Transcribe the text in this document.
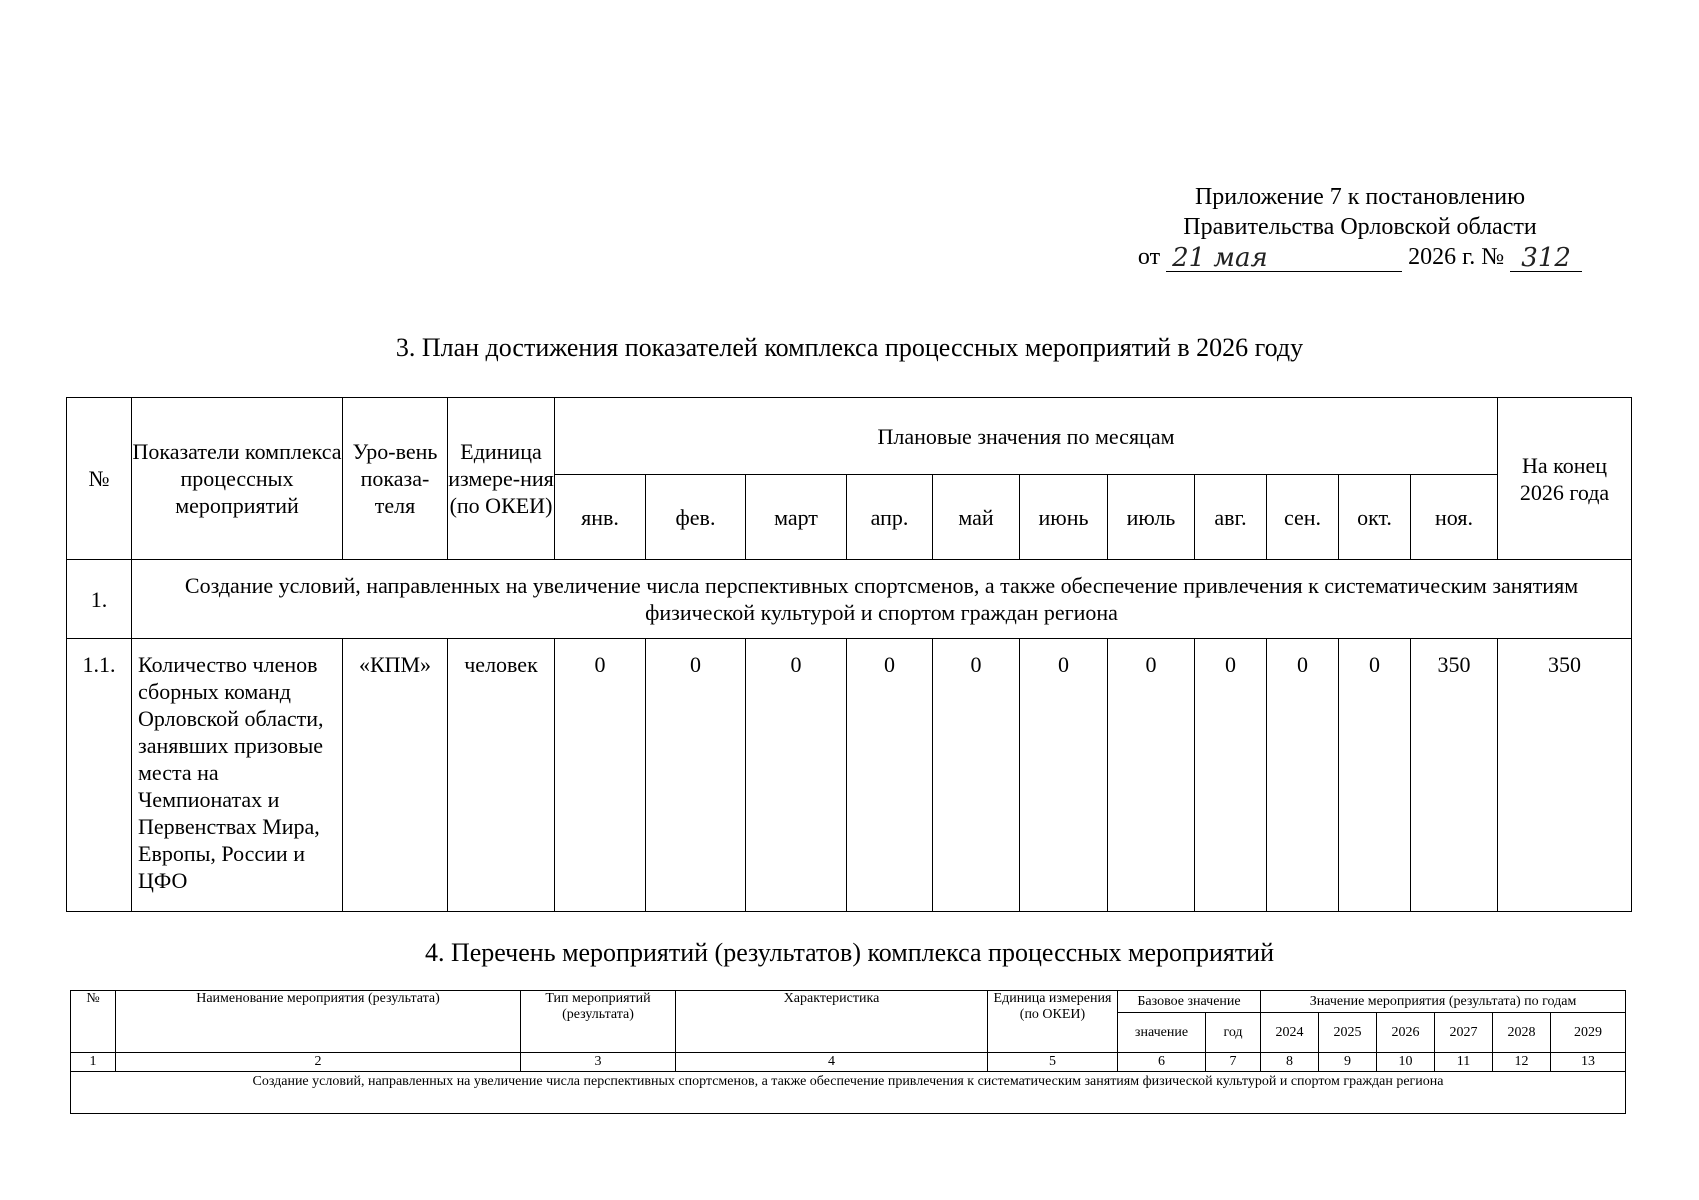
Приложение 7 к постановлению
Правительства Орловской области
от 21 мая	2026 г. № 312
3. План достижения показателей комплекса процессных мероприятий в 2026 году
№	Показатели комплекса процессных мероприятий	Уро-вень показа-теля	Единица измере-ния (по ОКЕИ)	Плановые значения по месяцам											На конец 2026 года
				янв.	фев.	март	апр.	май	июнь	июль	авг.	сен.	окт.	ноя.	
1.	Создание условий, направленных на увеличение числа перспективных спортсменов, а также обеспечение привлечения к систематическим занятиям физической культурой и спортом граждан региона														
1.1.	Количество членов сборных команд Орловской области, занявших призовые места на Чемпионатах и Первенствах Мира, Европы, России и ЦФО	«КПМ»	человек	0	0	0	0	0	0	0	0	0	0	350	350
4. Перечень мероприятий (результатов) комплекса процессных мероприятий
№	Наименование мероприятия (результата)	Тип мероприятий (результата)	Характеристика	Единица измерения (по ОКЕИ)	Базовое значение		Значение мероприятия (результата) по годам					
					значение	год	2024	2025	2026	2027	2028	2029
1	2	3	4	5	6	7	8	9	10	11	12	13
Создание условий, направленных на увеличение числа перспективных спортсменов, а также обеспечение привлечения к систематическим занятиям физической культурой и спортом граждан региона												
